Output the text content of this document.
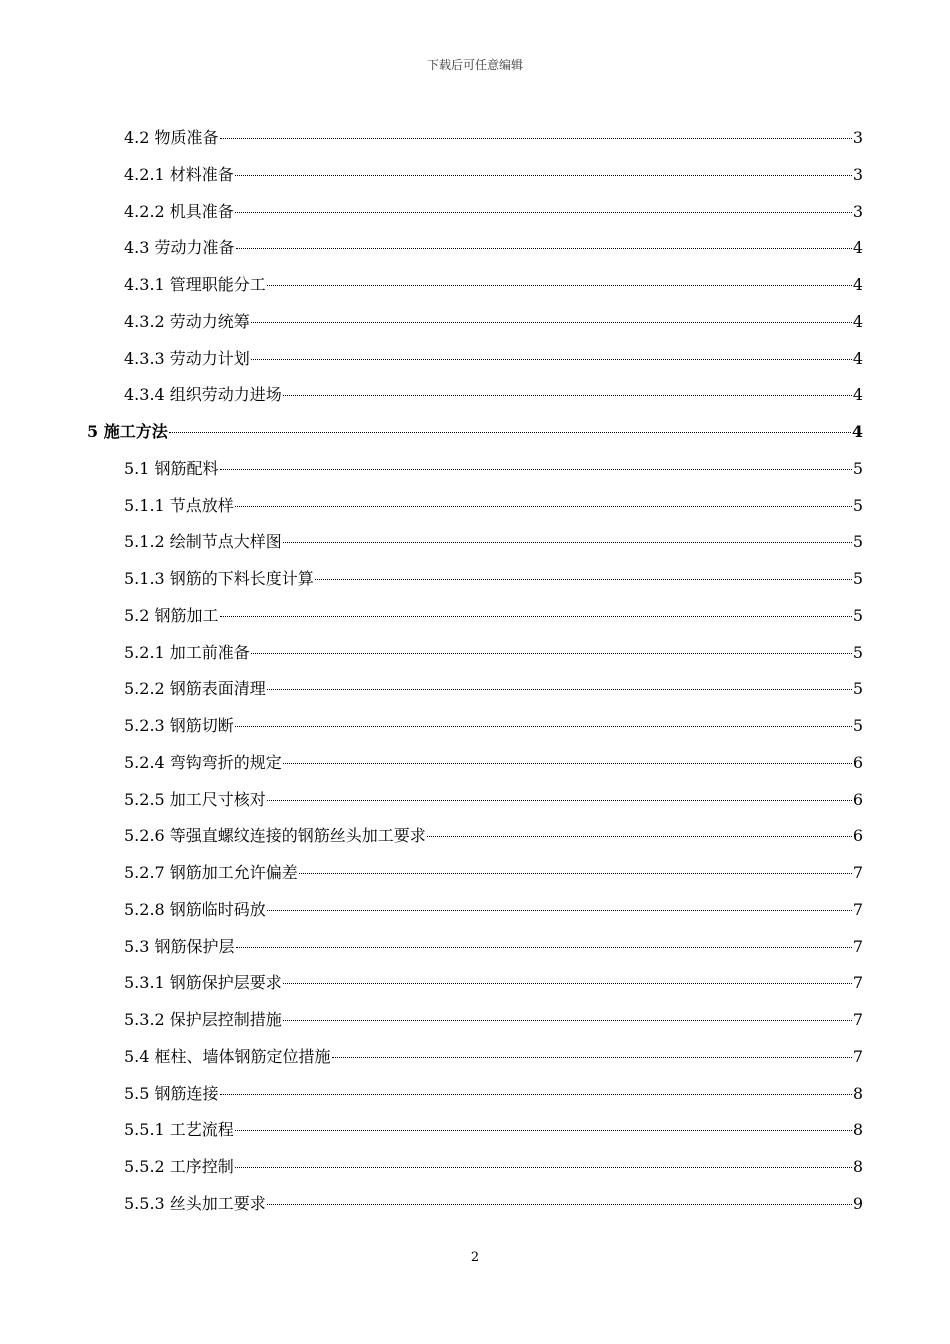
下载后可任意编辑
4.2 物质准备	3
4.2.1 材料准备	3
4.2.2 机具准备	3
4.3 劳动力准备	4
4.3.1 管理职能分工	4
4.3.2 劳动力统筹	4
4.3.3 劳动力计划	4
4.3.4 组织劳动力进场	4
5 施工方法	4
5.1 钢筋配料	5
5.1.1 节点放样	5
5.1.2 绘制节点大样图	5
5.1.3 钢筋的下料长度计算	5
5.2 钢筋加工	5
5.2.1 加工前准备	5
5.2.2 钢筋表面清理	5
5.2.3 钢筋切断	5
5.2.4 弯钩弯折的规定	6
5.2.5 加工尺寸核对	6
5.2.6 等强直螺纹连接的钢筋丝头加工要求	6
5.2.7 钢筋加工允许偏差	7
5.2.8 钢筋临时码放	7
5.3 钢筋保护层	7
5.3.1 钢筋保护层要求	7
5.3.2 保护层控制措施	7
5.4 框柱、墙体钢筋定位措施	7
5.5 钢筋连接	8
5.5.1 工艺流程	8
5.5.2 工序控制	8
5.5.3 丝头加工要求	9
2
